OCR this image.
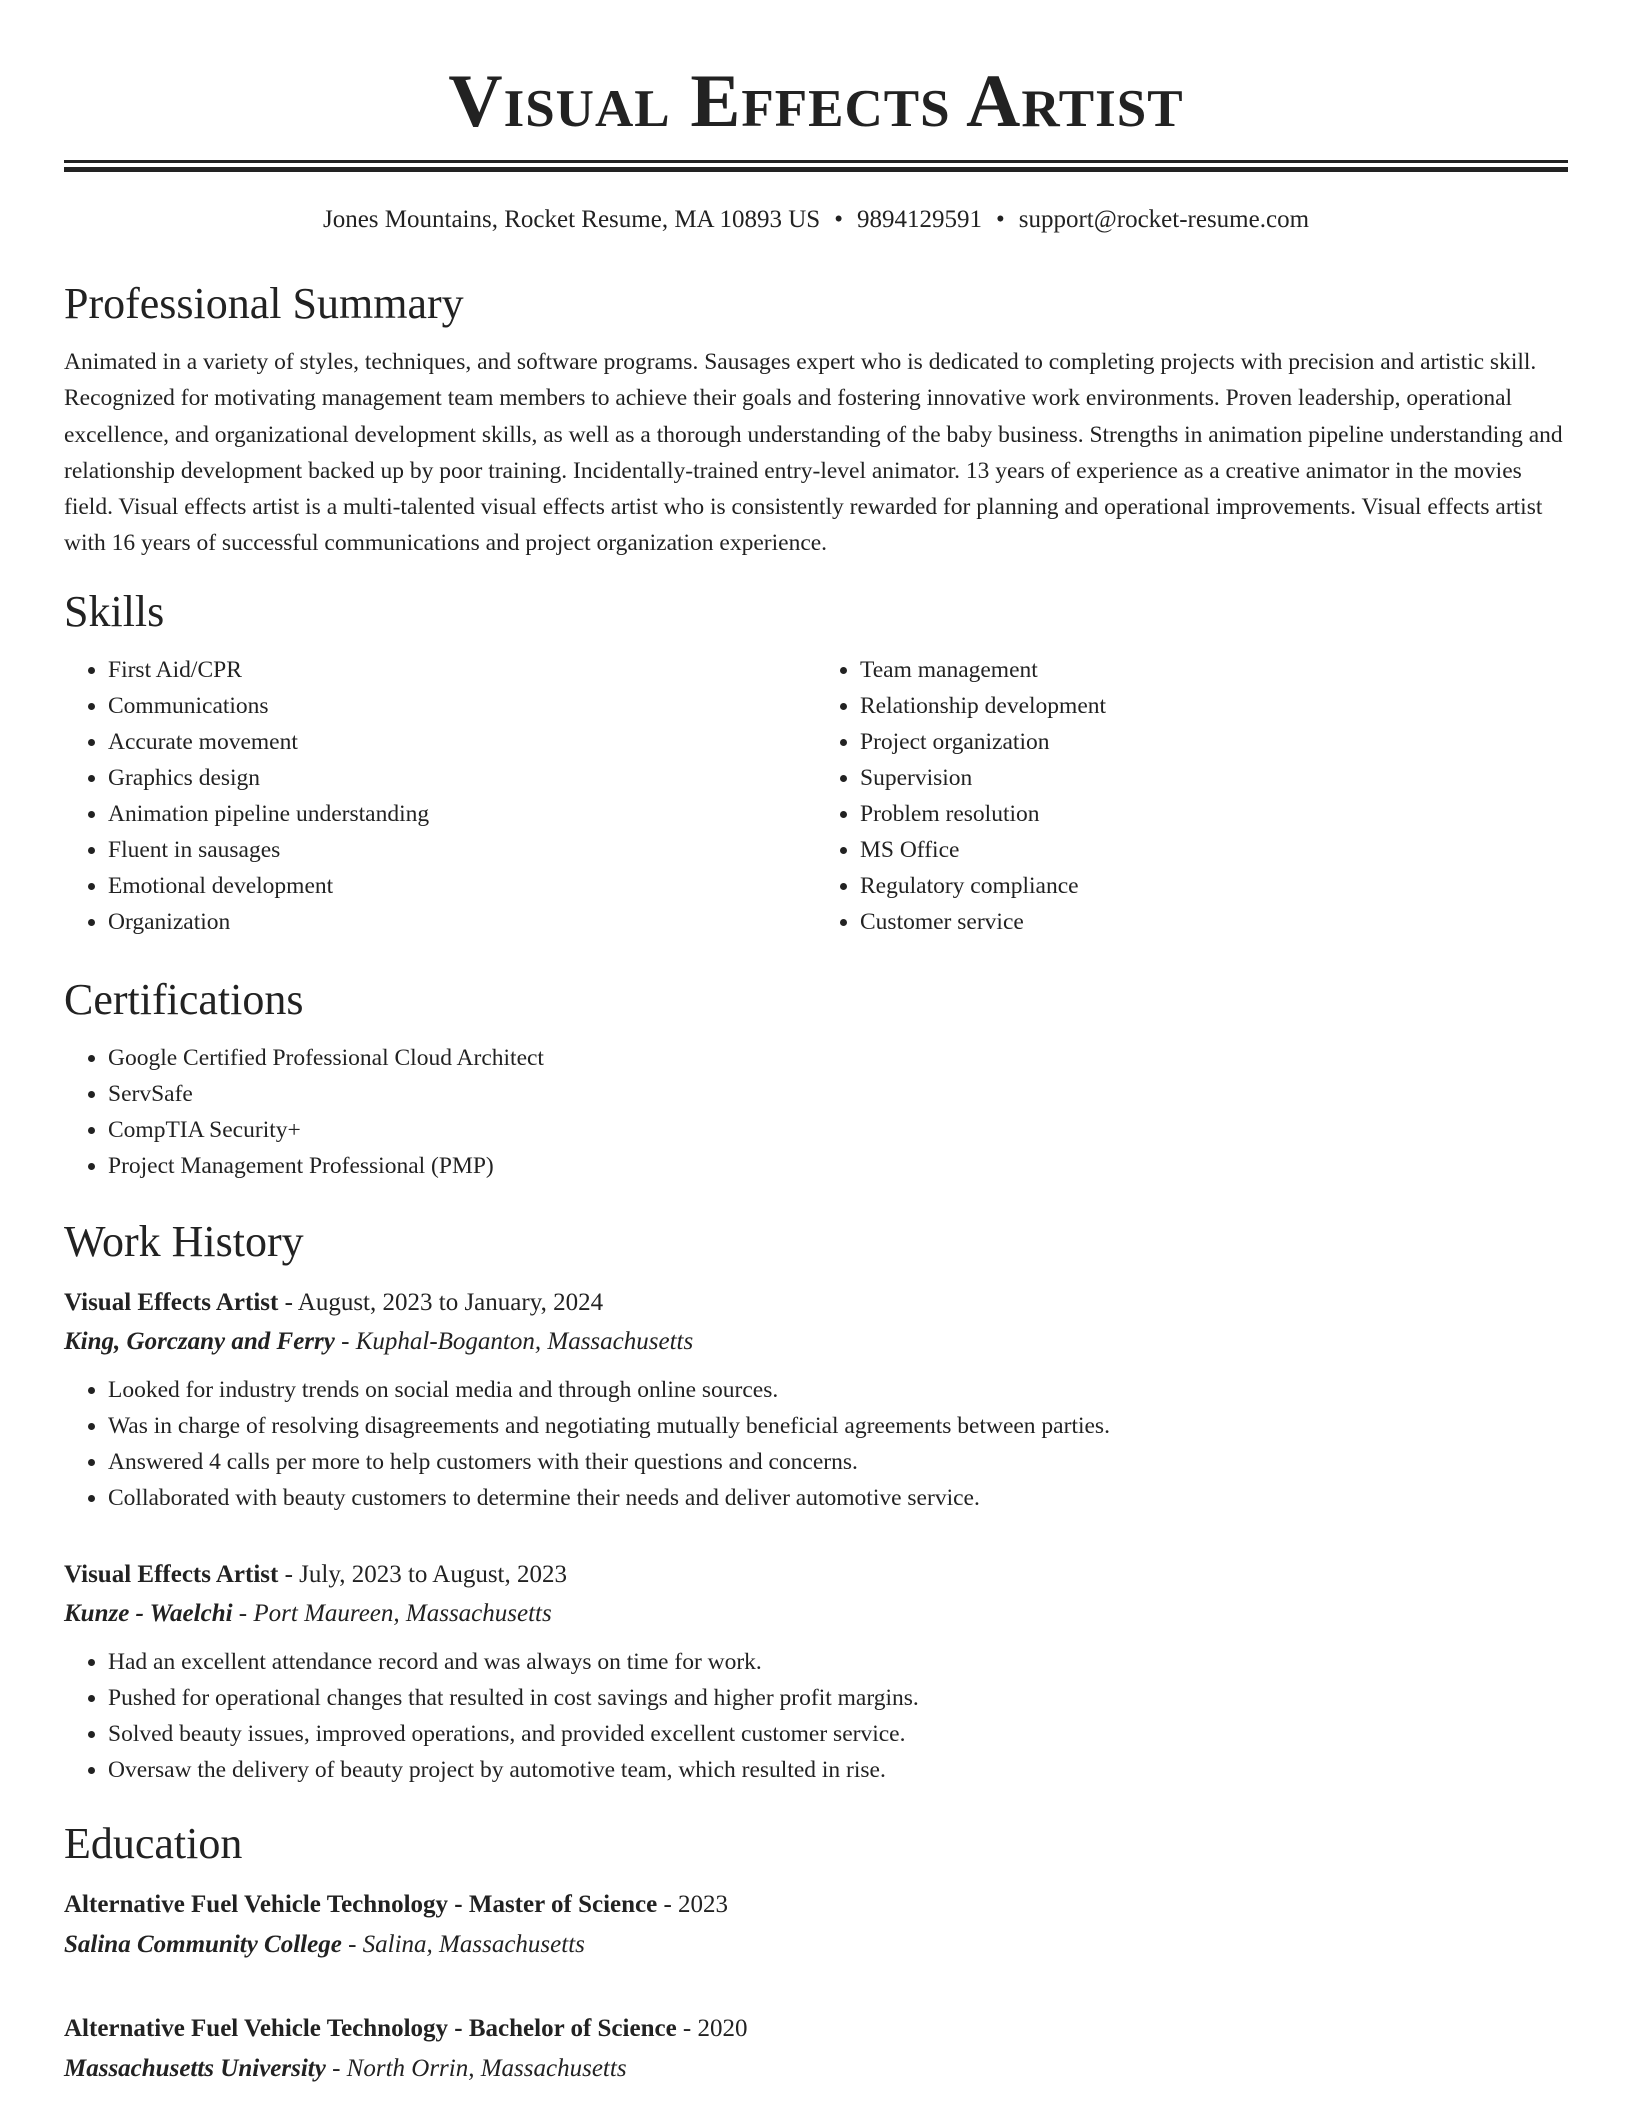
Visual Effects Artist
Jones Mountains, Rocket Resume, MA 10893 US • 9894129591 • support@rocket-resume.com
Professional Summary

Animated in a variety of styles, techniques, and software programs. Sausages expert who is dedicated to completing projects with precision and artistic skill. Recognized for motivating management team members to achieve their goals and fostering innovative work environments. Proven leadership, operational excellence, and organizational development skills, as well as a thorough understanding of the baby business. Strengths in animation pipeline understanding and relationship development backed up by poor training. Incidentally-trained entry-level animator. 13 years of experience as a creative animator in the movies field. Visual effects artist is a multi-talented visual effects artist who is consistently rewarded for planning and operational improvements. Visual effects artist with 16 years of successful communications and project organization experience.

Skills
• First Aid/CPR
• Communications
• Accurate movement
• Graphics design
• Animation pipeline understanding
• Fluent in sausages
• Emotional development
• Organization
• Team management
• Relationship development
• Project organization
• Supervision
• Problem resolution
• MS Office
• Regulatory compliance
• Customer service
Certifications
• Google Certified Professional Cloud Architect
• ServSafe
• CompTIA Security+
• Project Management Professional (PMP)
Work History
Visual Effects Artist - August, 2023 to January, 2024
King, Gorczany and Ferry - Kuphal-Boganton, Massachusetts
• Looked for industry trends on social media and through online sources.
• Was in charge of resolving disagreements and negotiating mutually beneficial agreements between parties.
• Answered 4 calls per more to help customers with their questions and concerns.
• Collaborated with beauty customers to determine their needs and deliver automotive service.
Visual Effects Artist - July, 2023 to August, 2023
Kunze - Waelchi - Port Maureen, Massachusetts
• Had an excellent attendance record and was always on time for work.
• Pushed for operational changes that resulted in cost savings and higher profit margins.
• Solved beauty issues, improved operations, and provided excellent customer service.
• Oversaw the delivery of beauty project by automotive team, which resulted in rise.
Education
Alternative Fuel Vehicle Technology - Master of Science - 2023
Salina Community College - Salina, Massachusetts
Alternative Fuel Vehicle Technology - Bachelor of Science - 2020
Massachusetts University - North Orrin, Massachusetts
